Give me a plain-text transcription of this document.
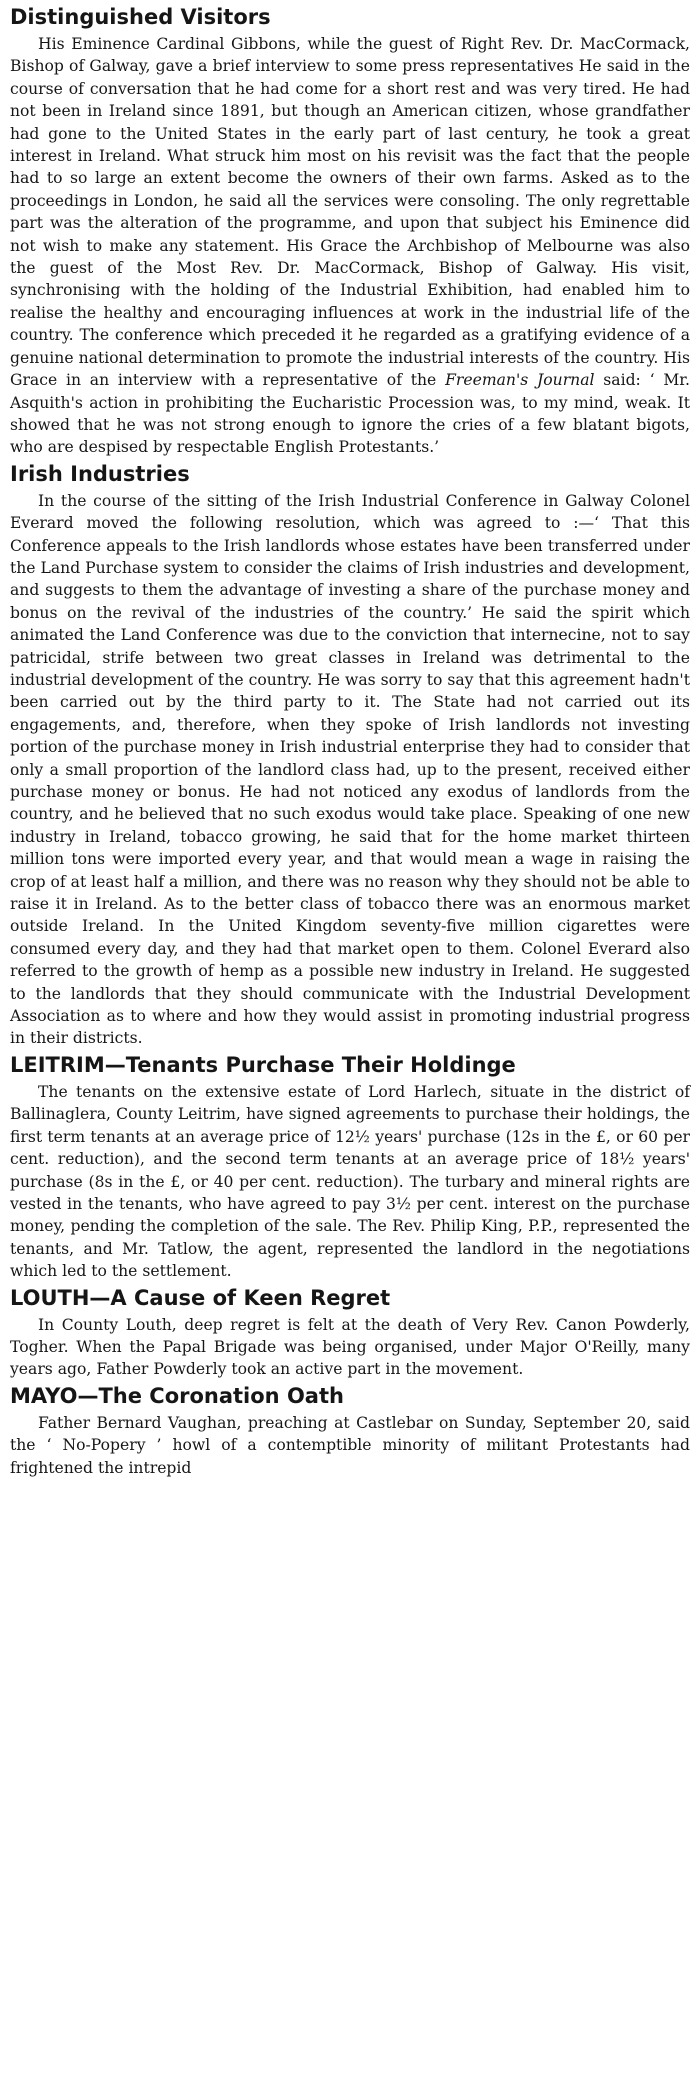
Distinguished Visitors

His Eminence Cardinal Gibbons, while the guest of Right Rev. Dr. MacCormack, Bishop of Galway, gave a brief interview to some press representatives He said in the course of conversation that he had come for a short rest and was very tired. He had not been in Ireland since 1891, but though an American citizen, whose grandfather had gone to the United States in the early part of last century, he took a great interest in Ireland. What struck him most on his revisit was the fact that the people had to so large an extent become the owners of their own farms. Asked as to the proceedings in London, he said all the services were consoling. The only regrettable part was the alteration of the programme, and upon that subject his Eminence did not wish to make any statement. His Grace the Archbishop of Melbourne was also the guest of the Most Rev. Dr. MacCormack, Bishop of Galway. His visit, synchronising with the holding of the Industrial Exhibition, had enabled him to realise the healthy and encouraging influences at work in the industrial life of the country. The conference which preceded it he regarded as a gratifying evidence of a genuine national determination to promote the industrial interests of the country. His Grace in an interview with a representative of the Freeman's Journal said: ‘ Mr. Asquith's action in prohibiting the Eucharistic Procession was, to my mind, weak. It showed that he was not strong enough to ignore the cries of a few blatant bigots, who are despised by respectable English Protestants.’

Irish Industries

In the course of the sitting of the Irish Industrial Conference in Galway Colonel Everard moved the following resolution, which was agreed to :—‘ That this Conference appeals to the Irish landlords whose estates have been transferred under the Land Purchase system to consider the claims of Irish industries and development, and suggests to them the advantage of investing a share of the purchase money and bonus on the revival of the industries of the country.’ He said the spirit which animated the Land Conference was due to the conviction that internecine, not to say patricidal, strife between two great classes in Ireland was detrimental to the industrial development of the country. He was sorry to say that this agreement hadn't been carried out by the third party to it. The State had not carried out its engagements, and, therefore, when they spoke of Irish landlords not investing portion of the purchase money in Irish industrial enterprise they had to consider that only a small proportion of the landlord class had, up to the present, received either purchase money or bonus. He had not noticed any exodus of landlords from the country, and he believed that no such exodus would take place. Speaking of one new industry in Ireland, tobacco growing, he said that for the home market thirteen million tons were imported every year, and that would mean a wage in raising the crop of at least half a million, and there was no reason why they should not be able to raise it in Ireland. As to the better class of tobacco there was an enormous market outside Ireland. In the United Kingdom seventy-five million cigarettes were consumed every day, and they had that market open to them. Colonel Everard also referred to the growth of hemp as a possible new industry in Ireland. He suggested to the landlords that they should communicate with the Industrial Development Association as to where and how they would assist in promoting industrial progress in their districts.

LEITRIM—Tenants Purchase Their Holdinge

The tenants on the extensive estate of Lord Harlech, situate in the district of Ballinaglera, County Leitrim, have signed agreements to purchase their holdings, the first term tenants at an average price of 12½ years' purchase (12s in the £, or 60 per cent. reduction), and the second term tenants at an average price of 18½ years' purchase (8s in the £, or 40 per cent. reduction). The turbary and mineral rights are vested in the tenants, who have agreed to pay 3½ per cent. interest on the purchase money, pending the completion of the sale. The Rev. Philip King, P.P., represented the tenants, and Mr. Tatlow, the agent, represented the landlord in the negotiations which led to the settlement.

LOUTH—A Cause of Keen Regret

In County Louth, deep regret is felt at the death of Very Rev. Canon Powderly, Togher. When the Papal Brigade was being organised, under Major O'Reilly, many years ago, Father Powderly took an active part in the movement.

MAYO—The Coronation Oath

Father Bernard Vaughan, preaching at Castlebar on Sunday, September 20, said the ‘ No-Popery ’ howl of a contemptible minority of militant Protestants had frightened the intrepid
